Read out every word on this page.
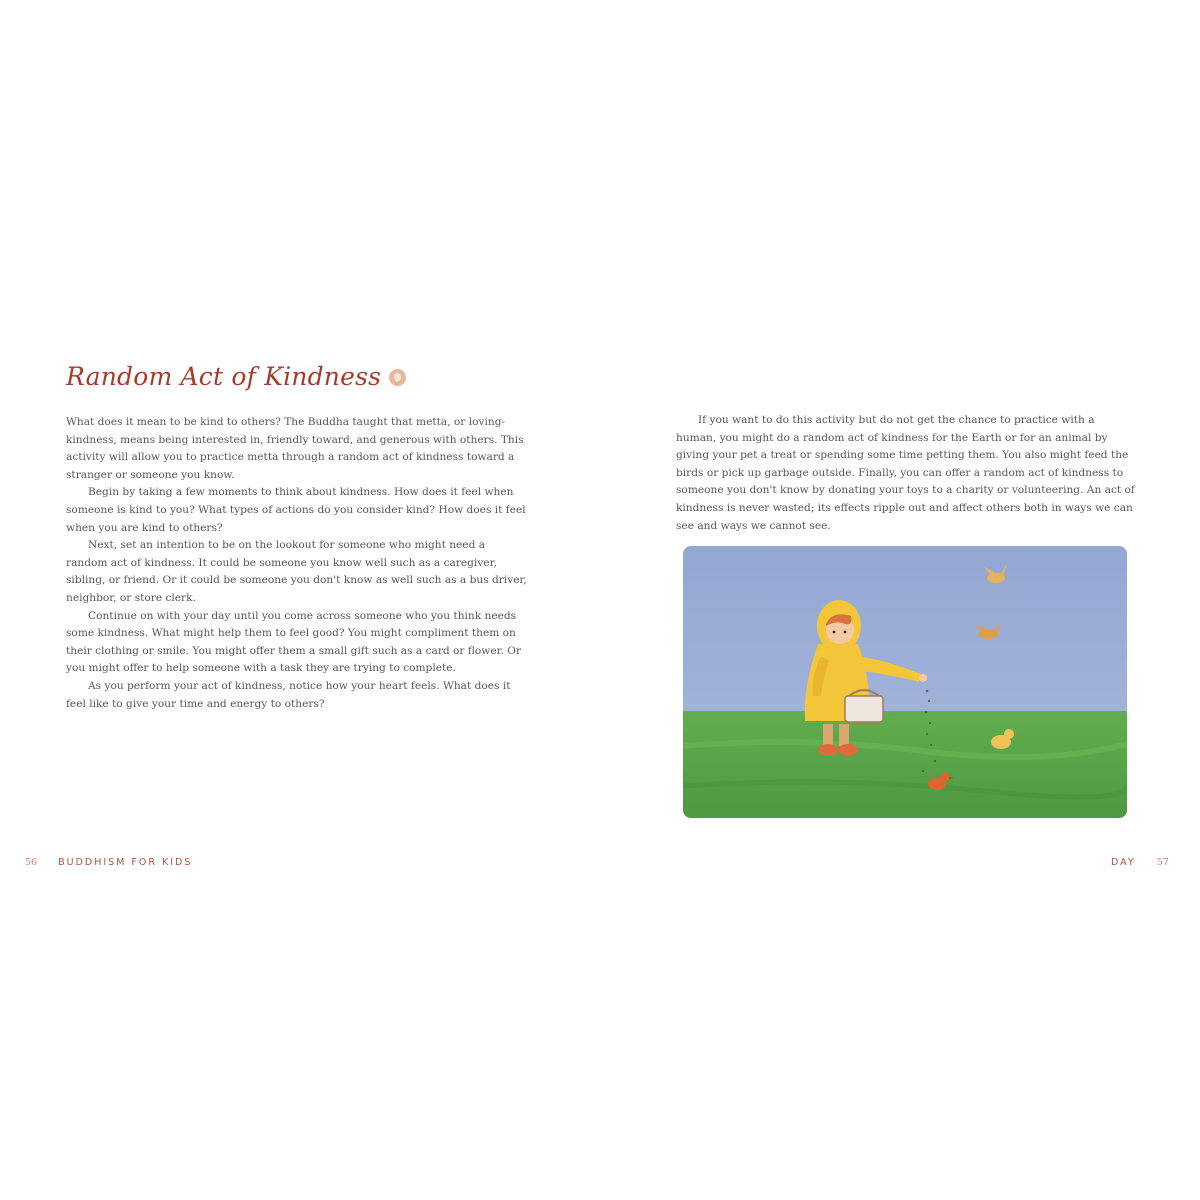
Random Act of Kindness

What does it mean to be kind to others? The Buddha taught that metta, or loving-kindness, means being interested in, friendly toward, and generous with others. This activity will allow you to practice metta through a random act of kindness toward a stranger or someone you know.

Begin by taking a few moments to think about kindness. How does it feel when someone is kind to you? What types of actions do you consider kind? How does it feel when you are kind to others?

Next, set an intention to be on the lookout for someone who might need a random act of kindness. It could be someone you know well such as a caregiver, sibling, or friend. Or it could be someone you don't know as well such as a bus driver, neighbor, or store clerk.

Continue on with your day until you come across someone who you think needs some kindness. What might help them to feel good? You might compliment them on their clothing or smile. You might offer them a small gift such as a card or flower. Or you might offer to help someone with a task they are trying to complete.

As you perform your act of kindness, notice how your heart feels. What does it feel like to give your time and energy to others?

If you want to do this activity but do not get the chance to practice with a human, you might do a random act of kindness for the Earth or for an animal by giving your pet a treat or spending some time petting them. You also might feed the birds or pick up garbage outside. Finally, you can offer a random act of kindness to someone you don't know by donating your toys to a charity or volunteering. An act of kindness is never wasted; its effects ripple out and affect others both in ways we can see and ways we cannot see.

56 BUDDHISM FOR KIDS	DAY 57
